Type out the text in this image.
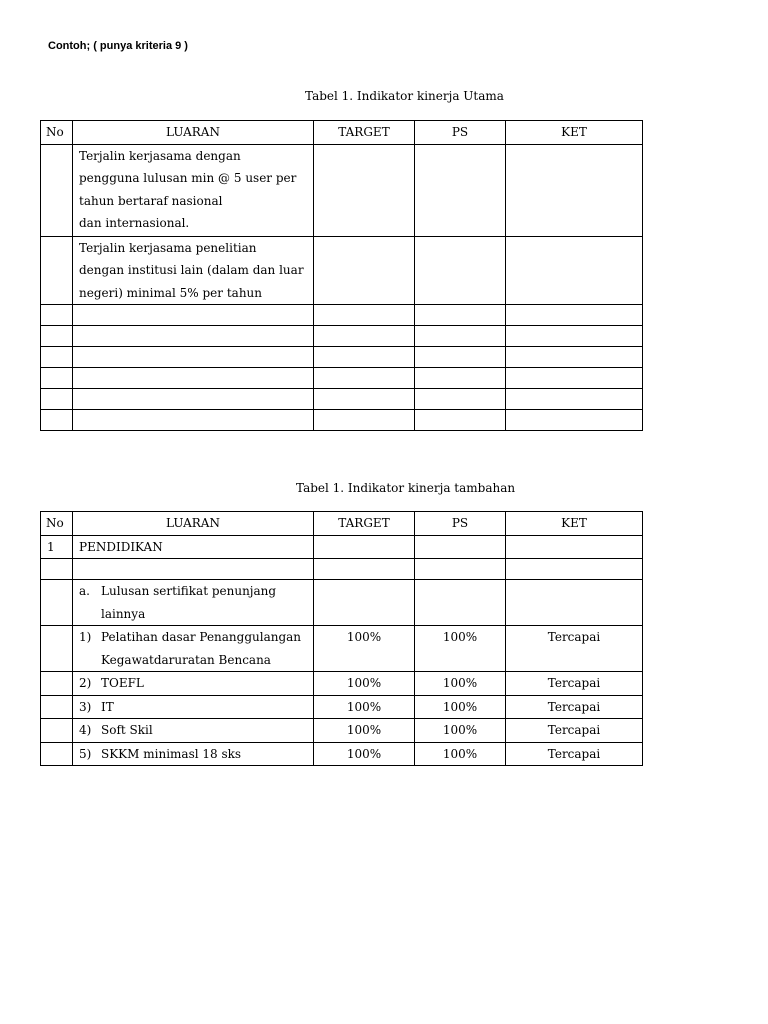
Contoh; ( punya kriteria 9 )
Tabel 1. Indikator kinerja Utama
No	LUARAN	TARGET	PS	KET

	Terjalin kerjasama dengan
pengguna lulusan min @ 5 user per
tahun bertaraf nasional
dan internasional.			

	Terjalin kerjasama penelitian
dengan institusi lain (dalam dan luar
negeri) minimal 5% per tahun			

Tabel 1. Indikator kinerja tambahan
No	LUARAN	TARGET	PS	KET
1	PENDIDIKAN			

	a. Lulusan sertifikat penunjang
lainnya			

	1) Pelatihan dasar Penanggulangan
Kegawatdaruratan Bencana	100%	100%	Tercapai

	2) TOEFL	100%	100%	Tercapai

	3) IT	100%	100%	Tercapai

	4) Soft Skil	100%	100%	Tercapai

	5) SKKM minimasl 18 sks	100%	100%	Tercapai
